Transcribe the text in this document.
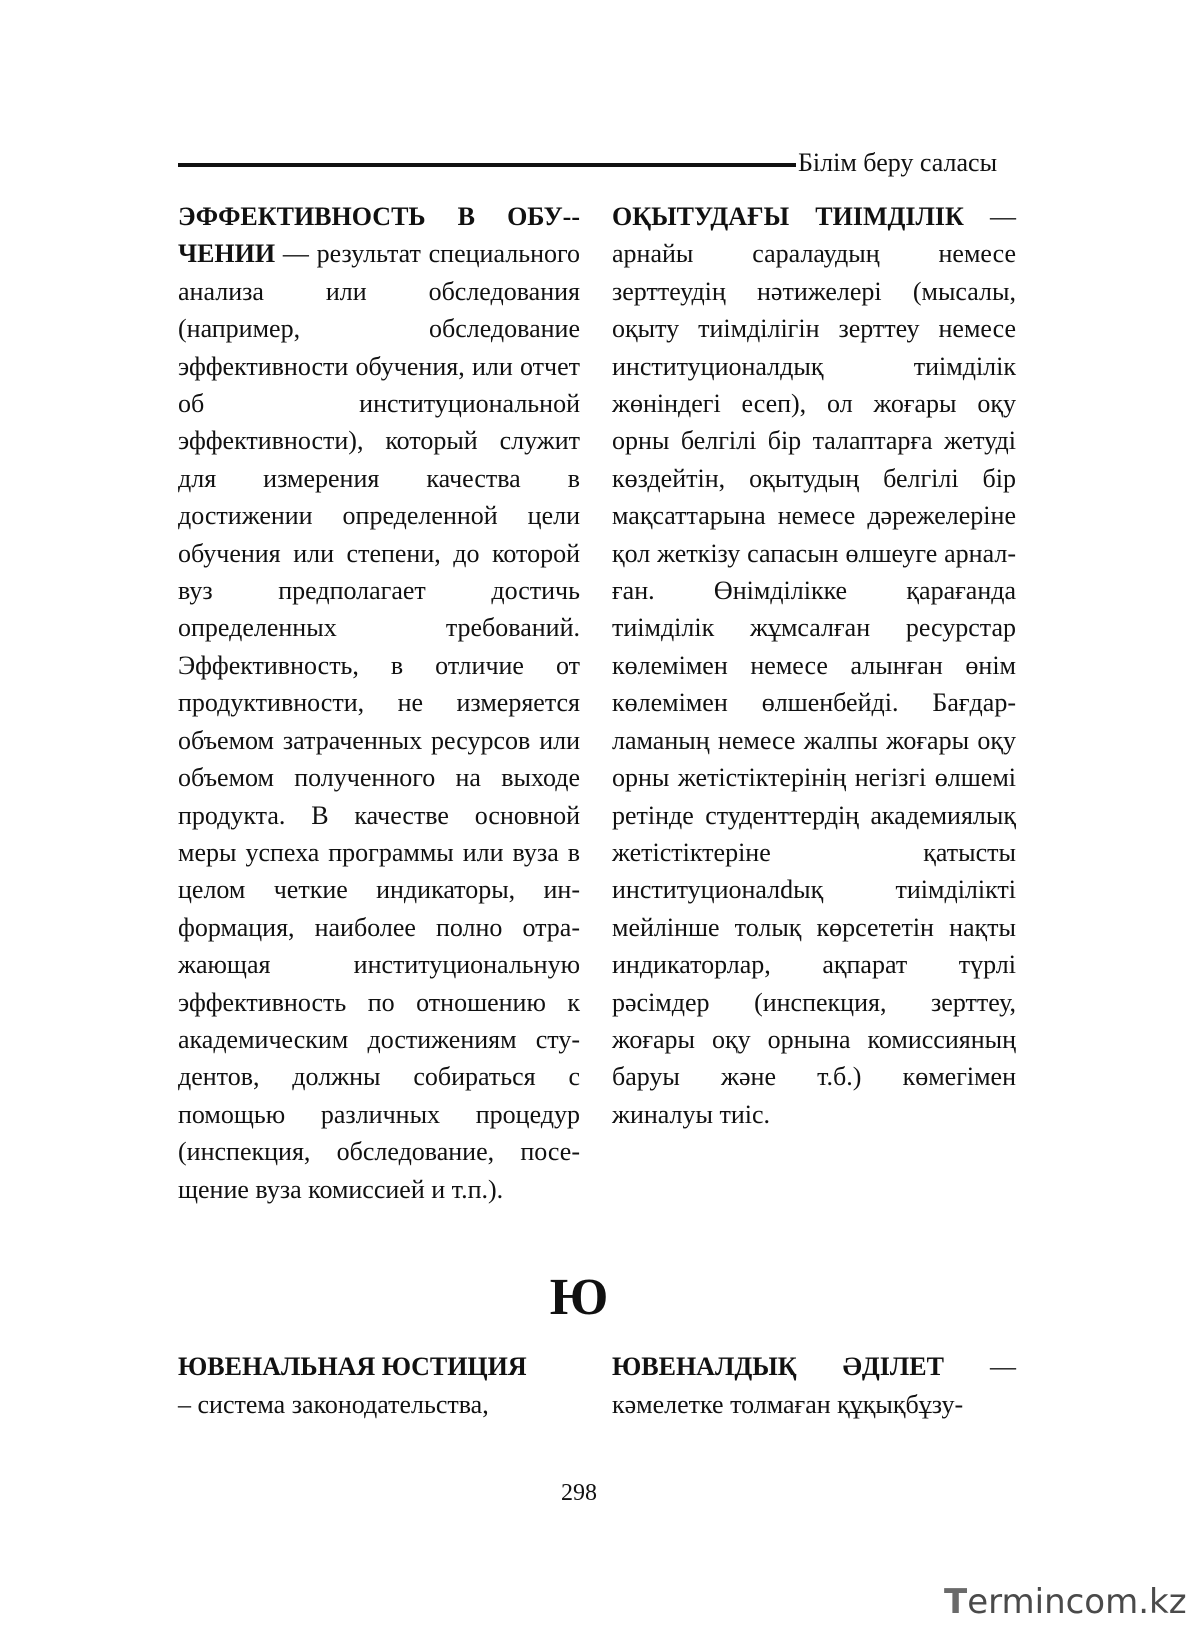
Білім беру саласы

ЭФФЕКТИВНОСТЬ В ОБУ-ЧЕНИИ — результат специального анализа или обследования (например, обследование эффективности обучения, или отчет об институциональной эффективности), который служит для измерения качества в достижении определенной цели обучения или степени, до которой вуз предполагает достичь определенных требований. Эффективность, в отличие от продуктивности, не измеряется объемом затраченных ресурсов или объемом полученного на выходе продукта. В качестве основной меры успеха программы или вуза в целом четкие индикаторы, информация, наиболее полно отражающая институциональную эффективность по отношению к академическим достижениям студентов, должны собираться с помощью различных процедур (инспекция, обследование, посещение вуза комиссией и т.п.).

ОҚЫТУДАҒЫ ТИІМДІЛІК — арнайы саралаудың немесе зерттеудің нәтижелері (мысалы, оқыту тиімділігін зерттеу немесе институционалдық тиімділік жөніндегі есеп), ол жоғары оқу орны белгілі бір талаптарға жетуді көздейтін, оқытудың белгілі бір мақсаттарына немесе дәрежелеріне қол жеткізу сапасын өлшеуге арналған. Өнімділікке қарағанда тиімділік жұмсалған ресурстар көлемімен немесе алынған өнім көлемімен өлшенбейді. Бағдарламаның немесе жалпы жоғары оқу орны жетістіктерінің негізгі өлшемі ретінде студенттердің академиялық жетістіктеріне қатысты институционалdық тиімділікті мейлінше толық көрсететін нақты индикаторлар, ақпарат түрлі рәсімдер (инспекция, зерттеу, жоғары оқу орнына комиссияның баруы және т.б.) көмегімен жиналуы тиіс.

Ю

ЮВЕНАЛЬНАЯ ЮСТИЦИЯ
– система законодательства,

ЮВЕНАЛДЫҚ ӘДІЛЕТ — кәмелетке толмаған құқықбұзу-

298
Termincom.kz
